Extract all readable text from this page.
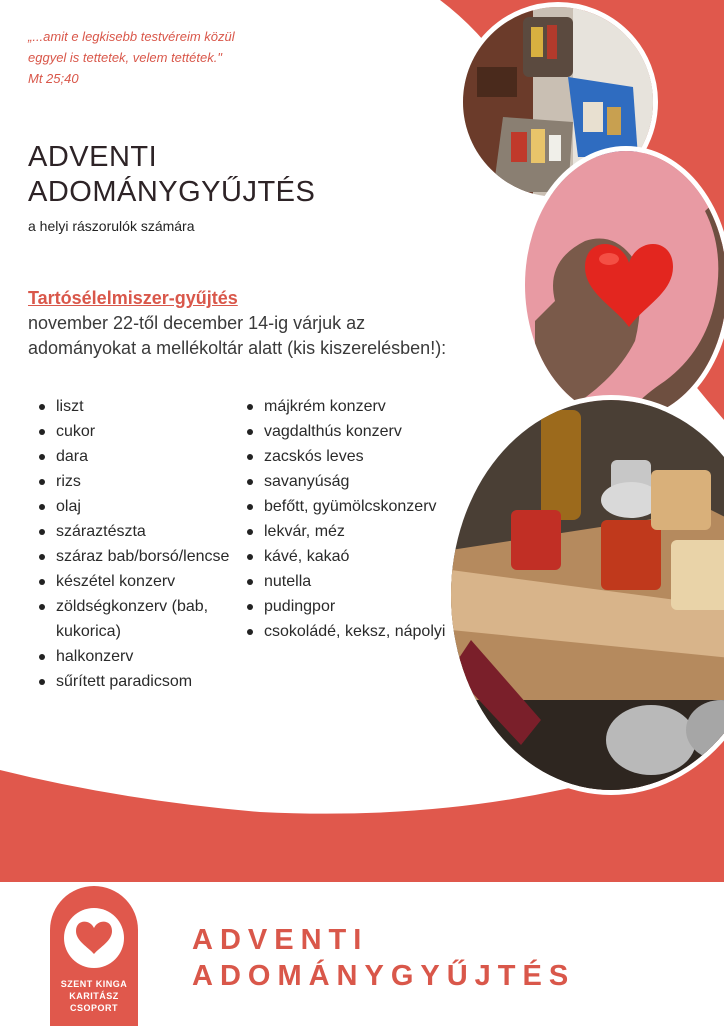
„...amit e legkisebb testvéreim közül
eggyel is tettetek, velem tettétek."
Mt 25;40
ADVENTI
ADOMÁNYGYŰJTÉS
a helyi rászorulók számára
Tartósélelmiszer-gyűjtés
november 22-től december 14-ig várjuk az
adományokat a mellékoltár alatt (kis kiszerelésben!):
liszt
cukor
dara
rizs
olaj
száraztészta
száraz bab/borsó/lencse
készétel konzerv
zöldségkonzerv (bab, kukorica)
halkonzerv
sűrített paradicsom
májkrém konzerv
vagdalthús konzerv
zacskós leves
savanyúság
befőtt, gyümölcskonzerv
lekvár, méz
kávé, kakaó
nutella
pudingpor
csokoládé, keksz, nápolyi
SZENT KINGA
KARITÁSZ
CSOPORT
ADVENTI
ADOMÁNYGYŰJTÉS
